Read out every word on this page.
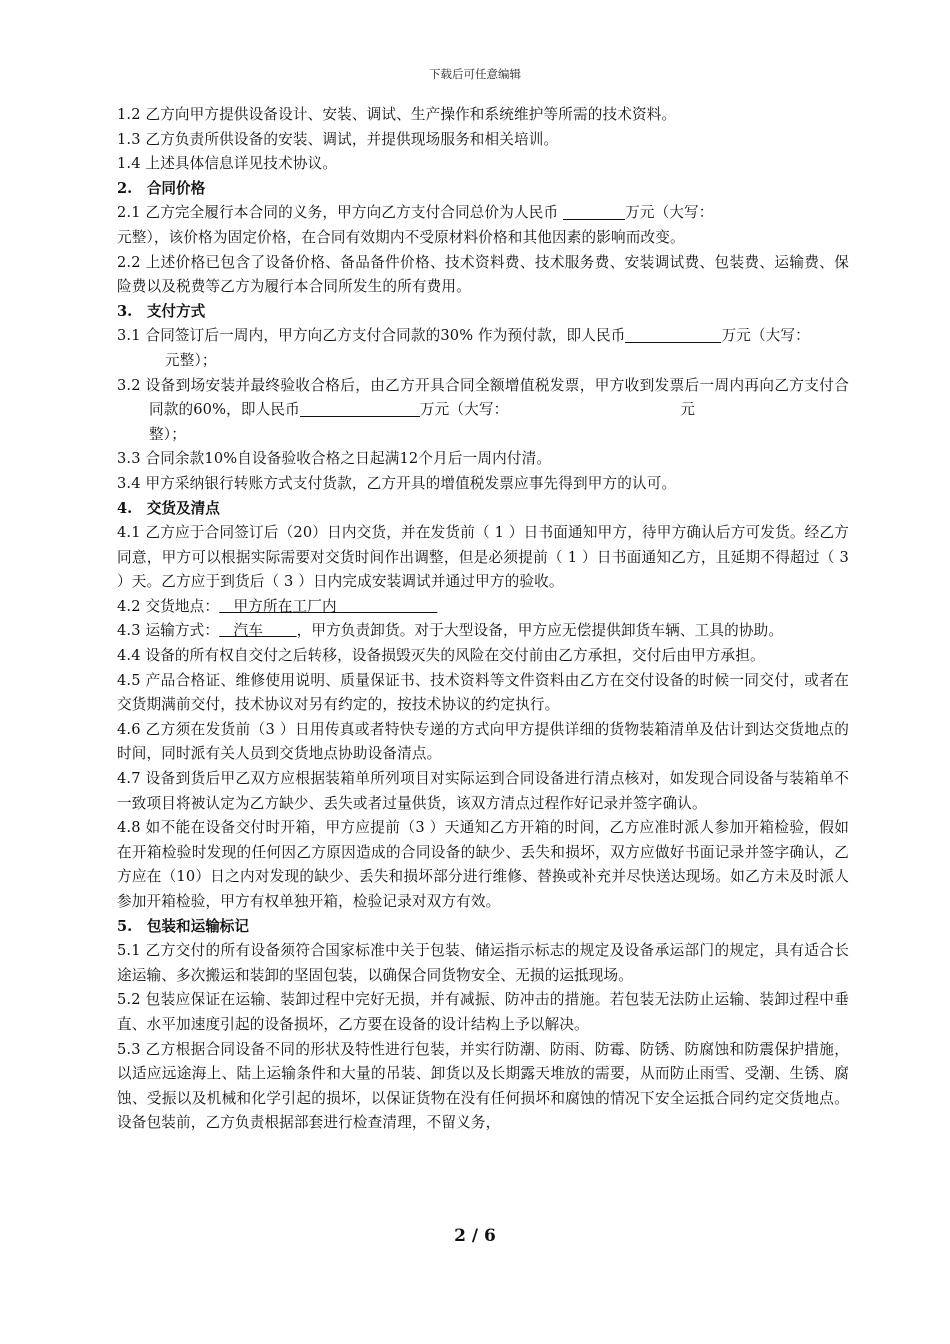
下载后可任意编辑

1.2 乙方向甲方提供设备设计、安装、调试、生产操作和系统维护等所需的技术资料。

1.3 乙方负责所供设备的安装、调试，并提供现场服务和相关培训。

1.4 上述具体信息详见技术协议。

2.　合同价格

2.1 乙方完全履行本合同的义务，甲方向乙方支付合同总价为人民币	万元（大写：
元整），该价格为固定价格，在合同有效期内不受原材料价格和其他因素的影响而改变。

2.2 上述价格已包含了设备价格、备品备件价格、技术资料费、技术服务费、安装调试费、包装费、运输费、保险费以及税费等乙方为履行本合同所发生的所有费用。

3.　支付方式

3.1 合同签订后一周内，甲方向乙方支付合同款的30% 作为预付款，即人民币	万元（大写：
元整）；

3.2 设备到场安装并最终验收合格后，由乙方开具合同全额增值税发票，甲方收到发票后一周内再向乙方支付合同款的60%，即人民币	万元（大写：	元
整）；

3.3 合同余款10%自设备验收合格之日起满12个月后一周内付清。

3.4 甲方采纳银行转账方式支付货款，乙方开具的增值税发票应事先得到甲方的认可。

4.　交货及清点

4.1 乙方应于合同签订后（20）日内交货，并在发货前（ 1 ）日书面通知甲方，待甲方确认后方可发货。经乙方同意，甲方可以根据实际需要对交货时间作出调整，但是必须提前（ 1 ）日书面通知乙方，且延期不得超过（ 3 ）天。乙方应于到货后（ 3 ）日内完成安装调试并通过甲方的验收。

4.2 交货地点： 甲方所在工厂内

4.3 运输方式： 汽车 ，甲方负责卸货。对于大型设备，甲方应无偿提供卸货车辆、工具的协助。

4.4 设备的所有权自交付之后转移，设备损毁灭失的风险在交付前由乙方承担，交付后由甲方承担。

4.5 产品合格证、维修使用说明、质量保证书、技术资料等文件资料由乙方在交付设备的时候一同交付，或者在交货期满前交付，技术协议对另有约定的，按技术协议的约定执行。

4.6 乙方须在发货前（3 ）日用传真或者特快专递的方式向甲方提供详细的货物装箱清单及估计到达交货地点的时间，同时派有关人员到交货地点协助设备清点。

4.7 设备到货后甲乙双方应根据装箱单所列项目对实际运到合同设备进行清点核对，如发现合同设备与装箱单不一致项目将被认定为乙方缺少、丢失或者过量供货，该双方清点过程作好记录并签字确认。

4.8 如不能在设备交付时开箱，甲方应提前（3 ）天通知乙方开箱的时间，乙方应准时派人参加开箱检验，假如在开箱检验时发现的任何因乙方原因造成的合同设备的缺少、丢失和损坏，双方应做好书面记录并签字确认，乙方应在（10）日之内对发现的缺少、丢失和损坏部分进行维修、替换或补充并尽快送达现场。如乙方未及时派人参加开箱检验，甲方有权单独开箱，检验记录对双方有效。

5.　包装和运输标记

5.1 乙方交付的所有设备须符合国家标准中关于包装、储运指示标志的规定及设备承运部门的规定，具有适合长途运输、多次搬运和装卸的坚固包装，以确保合同货物安全、无损的运抵现场。

5.2 包装应保证在运输、装卸过程中完好无损，并有减振、防冲击的措施。若包装无法防止运输、装卸过程中垂直、水平加速度引起的设备损坏，乙方要在设备的设计结构上予以解决。

5.3 乙方根据合同设备不同的形状及特性进行包装，并实行防潮、防雨、防霉、防锈、防腐蚀和防震保护措施，以适应远途海上、陆上运输条件和大量的吊装、卸货以及长期露天堆放的需要，从而防止雨雪、受潮、生锈、腐蚀、受振以及机械和化学引起的损坏，以保证货物在没有任何损坏和腐蚀的情况下安全运抵合同约定交货地点。设备包装前，乙方负责根据部套进行检查清理，不留义务，

2 / 6
